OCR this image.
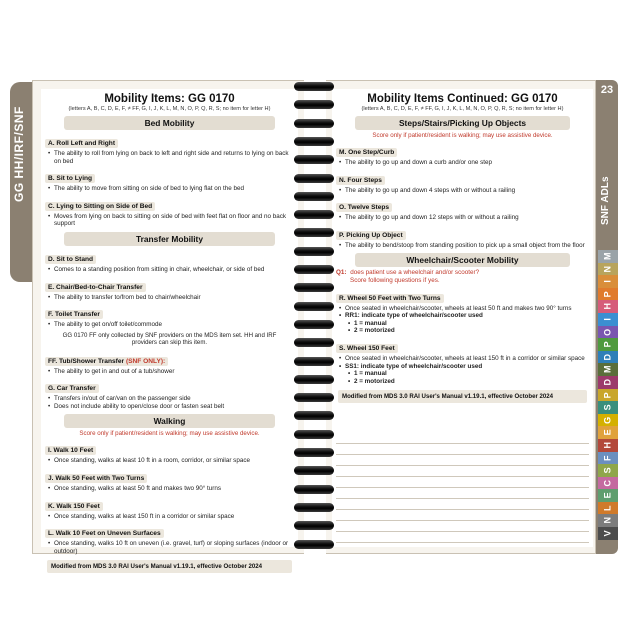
GG HH/IRF/SNF
Mobility Items: GG 0170
(letters A, B, C, D, E, F, ≠ FF, G, I, J, K, L, M, N, O, P, Q, R, S; no item for letter H)
Bed Mobility
A. Roll Left and Right
• The ability to roll from lying on back to left and right side and returns to lying on back on bed
B. Sit to Lying
• The ability to move from sitting on side of bed to lying flat on the bed
C. Lying to Sitting on Side of Bed
• Moves from lying on back to sitting on side of bed with feet flat on floor and no back support
Transfer Mobility
D. Sit to Stand
• Comes to a standing position from sitting in chair, wheelchair, or side of bed
E. Chair/Bed-to-Chair Transfer
• The ability to transfer to/from bed to chair/wheelchair
F. Toilet Transfer
• The ability to get on/off toilet/commode
GG 0170 FF only collected by SNF providers on the MDS item set. HH and IRF providers can skip this item.
FF. Tub/Shower Transfer (SNF ONLY):
• The ability to get in and out of a tub/shower
G. Car Transfer
• Transfers in/out of car/van on the passenger side
• Does not include ability to open/close door or fasten seat belt
Walking
Score only if patient/resident is walking; may use assistive device.
I. Walk 10 Feet
• Once standing, walks at least 10 ft in a room, corridor, or similar space
J. Walk 50 Feet with Two Turns
• Once standing, walks at least 50 ft and makes two 90° turns
K. Walk 150 Feet
• Once standing, walks at least 150 ft in a corridor or similar space
L. Walk 10 Feet on Uneven Surfaces
• Once standing, walks 10 ft on uneven (i.e. gravel, turf) or sloping surfaces (indoor or outdoor)
Modified from MDS 3.0 RAI User's Manual v1.19.1, effective October 2024
Mobility Items Continued: GG 0170
(letters A, B, C, D, E, F, ≠ FF, G, I, J, K, L, M, N, O, P, Q, R, S; no item for letter H)
Steps/Stairs/Picking Up Objects
Score only if patient/resident is walking; may use assistive device.
M. One Step/Curb
• The ability to go up and down a curb and/or one step
N. Four Steps
• The ability to go up and down 4 steps with or without a railing
O. Twelve Steps
• The ability to go up and down 12 steps with or without a railing
P. Picking Up Object
• The ability to bend/stoop from standing position to pick up a small object from the floor
Wheelchair/Scooter Mobility
Q1: does patient use a wheelchair and/or scooter?
Score following questions if yes.
R. Wheel 50 Feet with Two Turns
• Once seated in wheelchair/scooter, wheels at least 50 ft and makes two 90° turns
• RR1: indicate type of wheelchair/scooter used
• 1 = manual
• 2 = motorized
S. Wheel 150 Feet
• Once seated in wheelchair/scooter, wheels at least 150 ft in a corridor or similar space
• SS1: indicate type of wheelchair/scooter used
• 1 = manual
• 2 = motorized
Modified from MDS 3.0 RAI User's Manual v1.19.1, effective October 2024
23
SNF ADLs
M
N
I
P
H
I
O
P
D
M
D
P
S
G
E
H
F
S
C
E
L
N
V
